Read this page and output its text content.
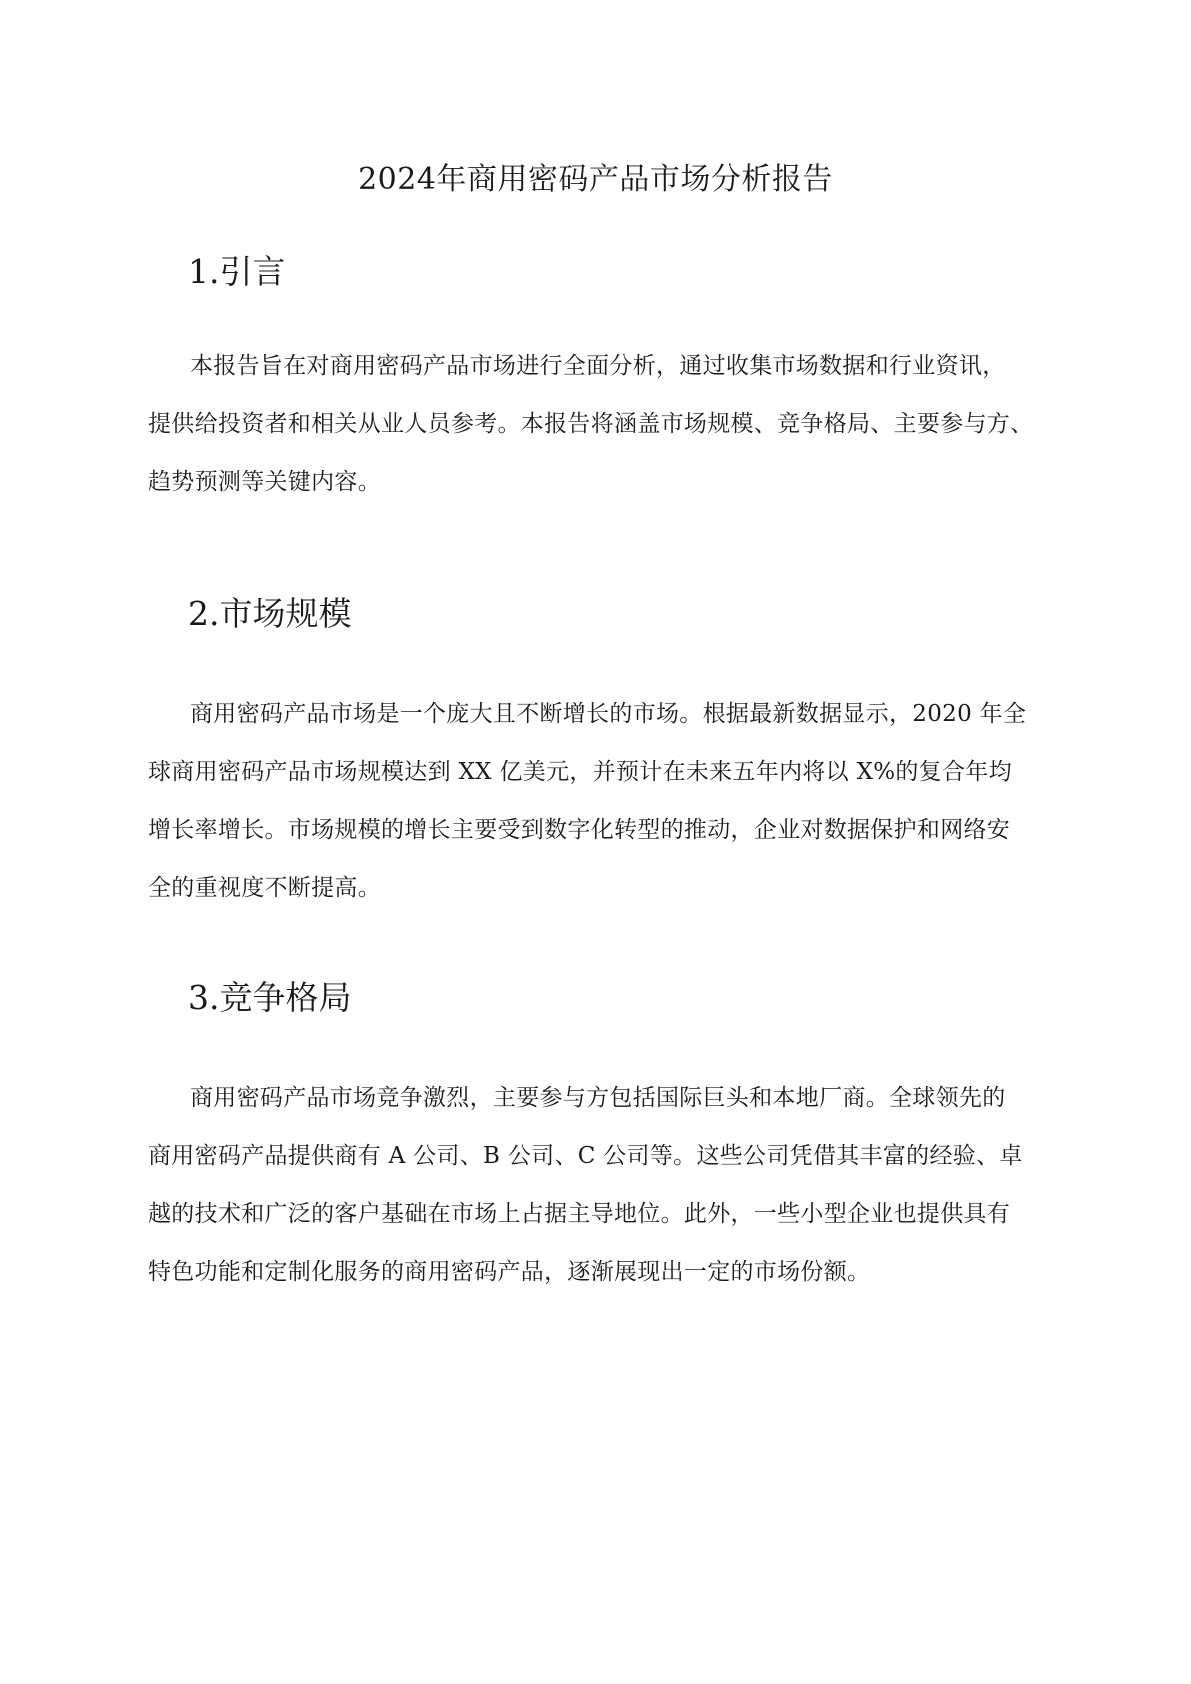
2024年商用密码产品市场分析报告
1.引言
本报告旨在对商用密码产品市场进行全面分析，通过收集市场数据和行业资讯，
提供给投资者和相关从业人员参考。本报告将涵盖市场规模、竞争格局、主要参与方、
趋势预测等关键内容。
2.市场规模
商用密码产品市场是一个庞大且不断增长的市场。根据最新数据显示，2020 年全
球商用密码产品市场规模达到 XX 亿美元，并预计在未来五年内将以 X%的复合年均
增长率增长。市场规模的增长主要受到数字化转型的推动，企业对数据保护和网络安
全的重视度不断提高。
3.竞争格局
商用密码产品市场竞争激烈，主要参与方包括国际巨头和本地厂商。全球领先的
商用密码产品提供商有 A 公司、B 公司、C 公司等。这些公司凭借其丰富的经验、卓
越的技术和广泛的客户基础在市场上占据主导地位。此外，一些小型企业也提供具有
特色功能和定制化服务的商用密码产品，逐渐展现出一定的市场份额。
